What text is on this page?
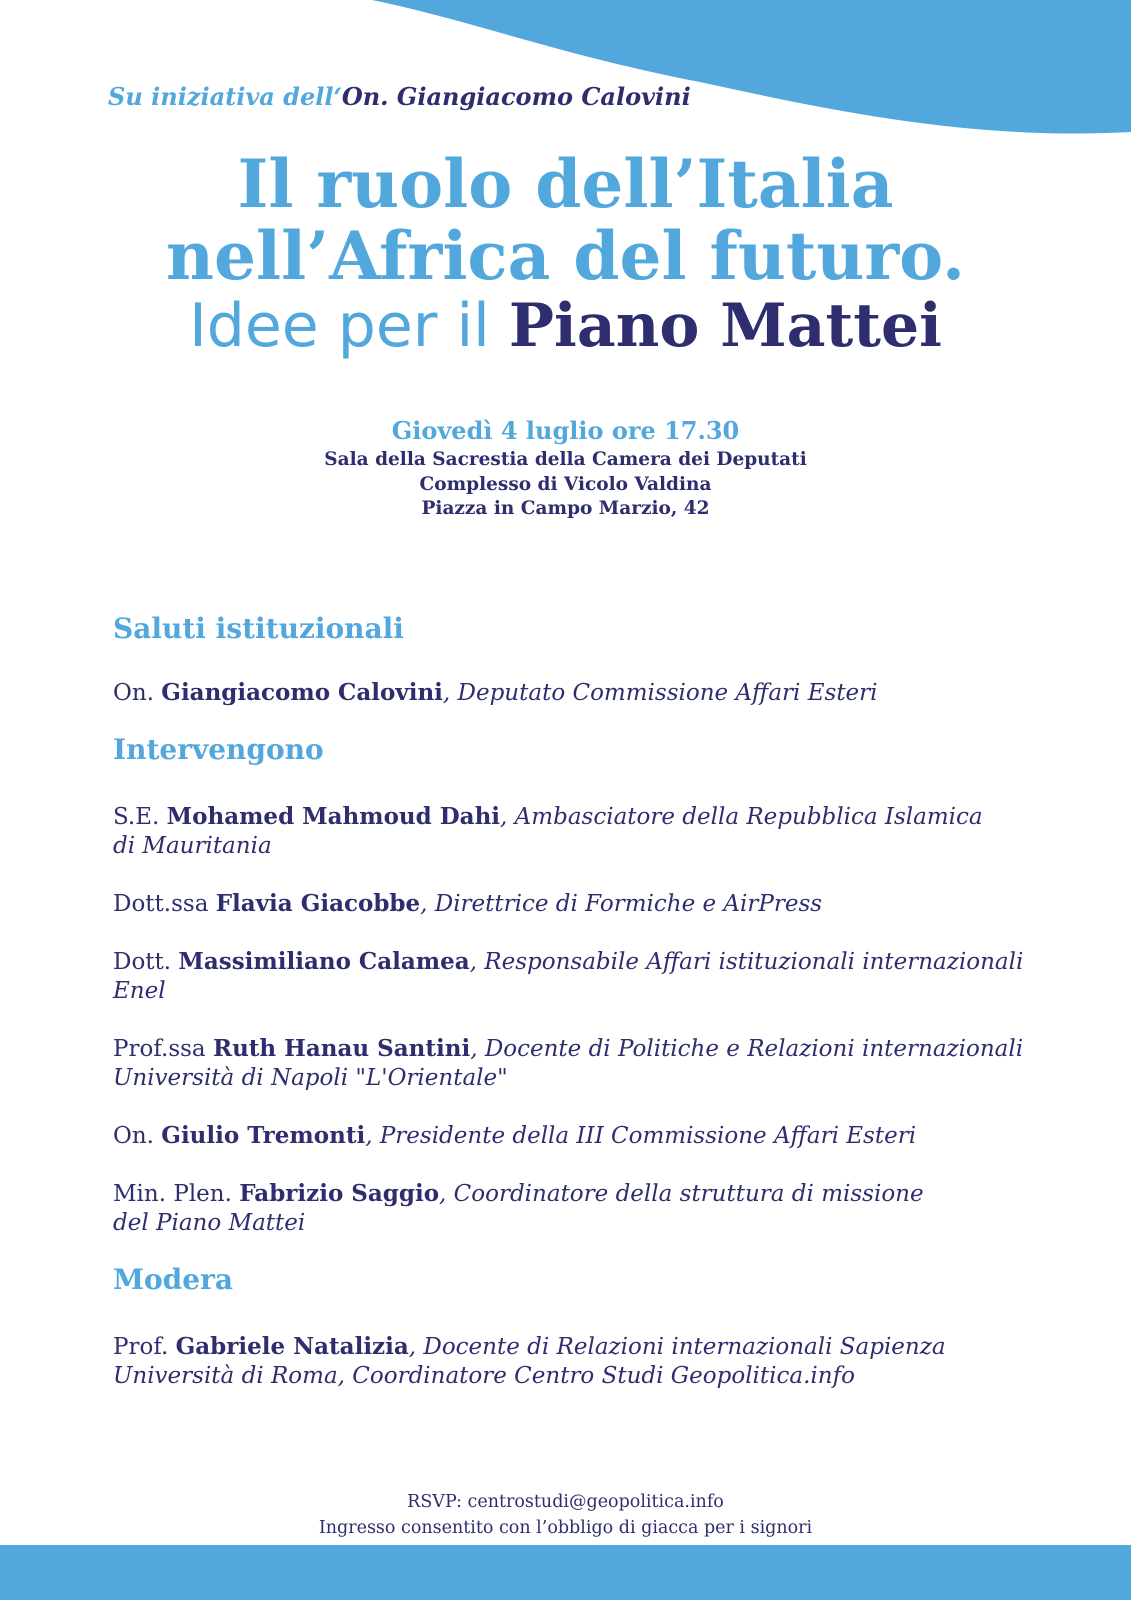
Su iniziativa dell‘On. Giangiacomo Calovini
Il ruolo dell’Italia
nell’Africa del futuro.
Idee per il Piano Mattei
Giovedì 4 luglio ore 17.30
Sala della Sacrestia della Camera dei Deputati
Complesso di Vicolo Valdina
Piazza in Campo Marzio, 42
Saluti istituzionali
On. Giangiacomo Calovini, Deputato Commissione Affari Esteri
Intervengono
S.E. Mohamed Mahmoud Dahi, Ambasciatore della Repubblica Islamica
di Mauritania
Dott.ssa Flavia Giacobbe, Direttrice di Formiche e AirPress
Dott. Massimiliano Calamea, Responsabile Affari istituzionali internazionali
Enel
Prof.ssa Ruth Hanau Santini, Docente di Politiche e Relazioni internazionali
Università di Napoli "L'Orientale"
On. Giulio Tremonti, Presidente della III Commissione Affari Esteri
Min. Plen. Fabrizio Saggio, Coordinatore della struttura di missione
del Piano Mattei
Modera
Prof. Gabriele Natalizia, Docente di Relazioni internazionali Sapienza
Università di Roma, Coordinatore Centro Studi Geopolitica.info
RSVP: centrostudi@geopolitica.info
Ingresso consentito con l’obbligo di giacca per i signori
